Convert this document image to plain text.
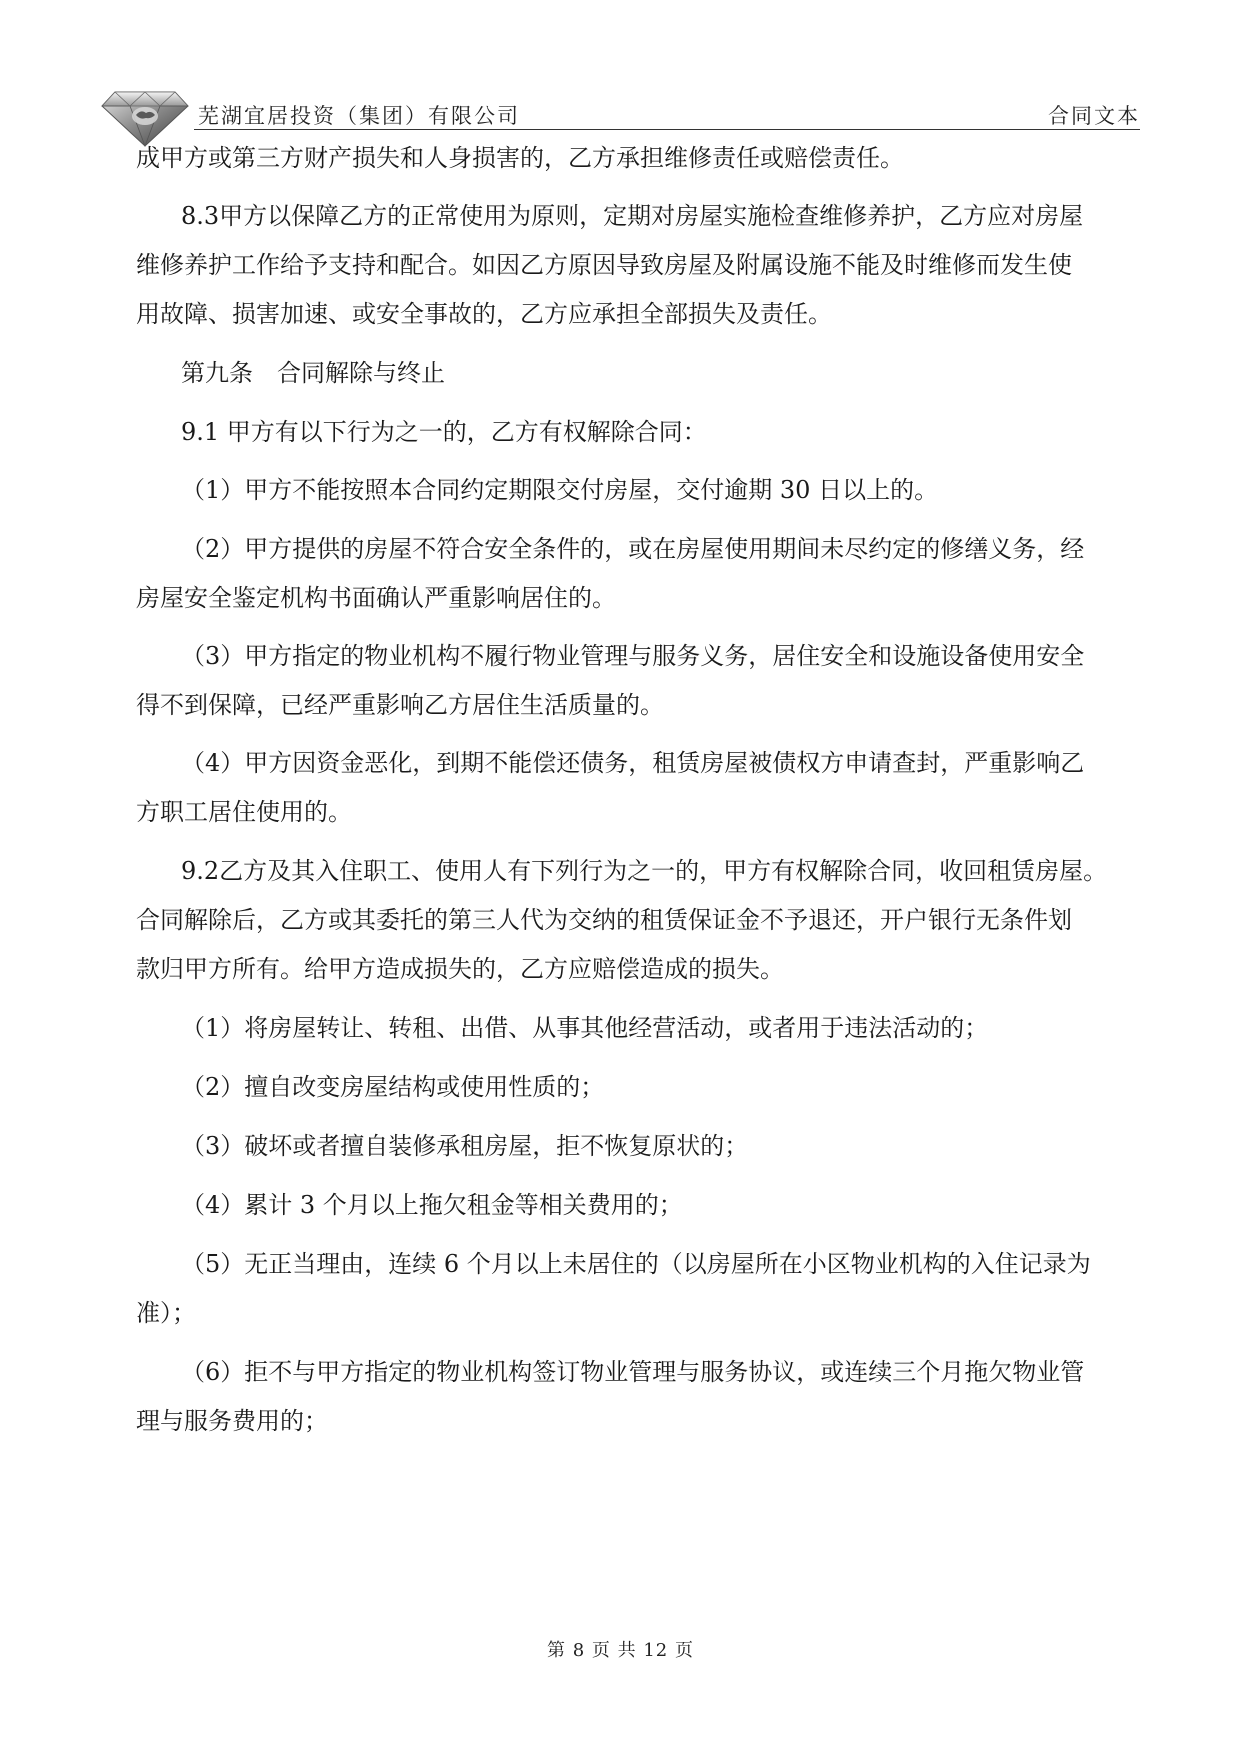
芜湖宜居投资（集团）有限公司	合同文本
成甲方或第三方财产损失和人身损害的，乙方承担维修责任或赔偿责任。
8.3甲方以保障乙方的正常使用为原则，定期对房屋实施检查维修养护，乙方应对房屋
维修养护工作给予支持和配合。如因乙方原因导致房屋及附属设施不能及时维修而发生使
用故障、损害加速、或安全事故的，乙方应承担全部损失及责任。
第九条　合同解除与终止
9.1 甲方有以下行为之一的，乙方有权解除合同：
（1）甲方不能按照本合同约定期限交付房屋，交付逾期 30 日以上的。
（2）甲方提供的房屋不符合安全条件的，或在房屋使用期间未尽约定的修缮义务，经
房屋安全鉴定机构书面确认严重影响居住的。
（3）甲方指定的物业机构不履行物业管理与服务义务，居住安全和设施设备使用安全
得不到保障，已经严重影响乙方居住生活质量的。
（4）甲方因资金恶化，到期不能偿还债务，租赁房屋被债权方申请查封，严重影响乙
方职工居住使用的。
9.2乙方及其入住职工、使用人有下列行为之一的，甲方有权解除合同，收回租赁房屋。
合同解除后，乙方或其委托的第三人代为交纳的租赁保证金不予退还，开户银行无条件划
款归甲方所有。给甲方造成损失的，乙方应赔偿造成的损失。
（1）将房屋转让、转租、出借、从事其他经营活动，或者用于违法活动的；
（2）擅自改变房屋结构或使用性质的；
（3）破坏或者擅自装修承租房屋，拒不恢复原状的；
（4）累计 3 个月以上拖欠租金等相关费用的；
（5）无正当理由，连续 6 个月以上未居住的（以房屋所在小区物业机构的入住记录为
准）；
（6）拒不与甲方指定的物业机构签订物业管理与服务协议，或连续三个月拖欠物业管
理与服务费用的；
第 8 页 共 12 页
